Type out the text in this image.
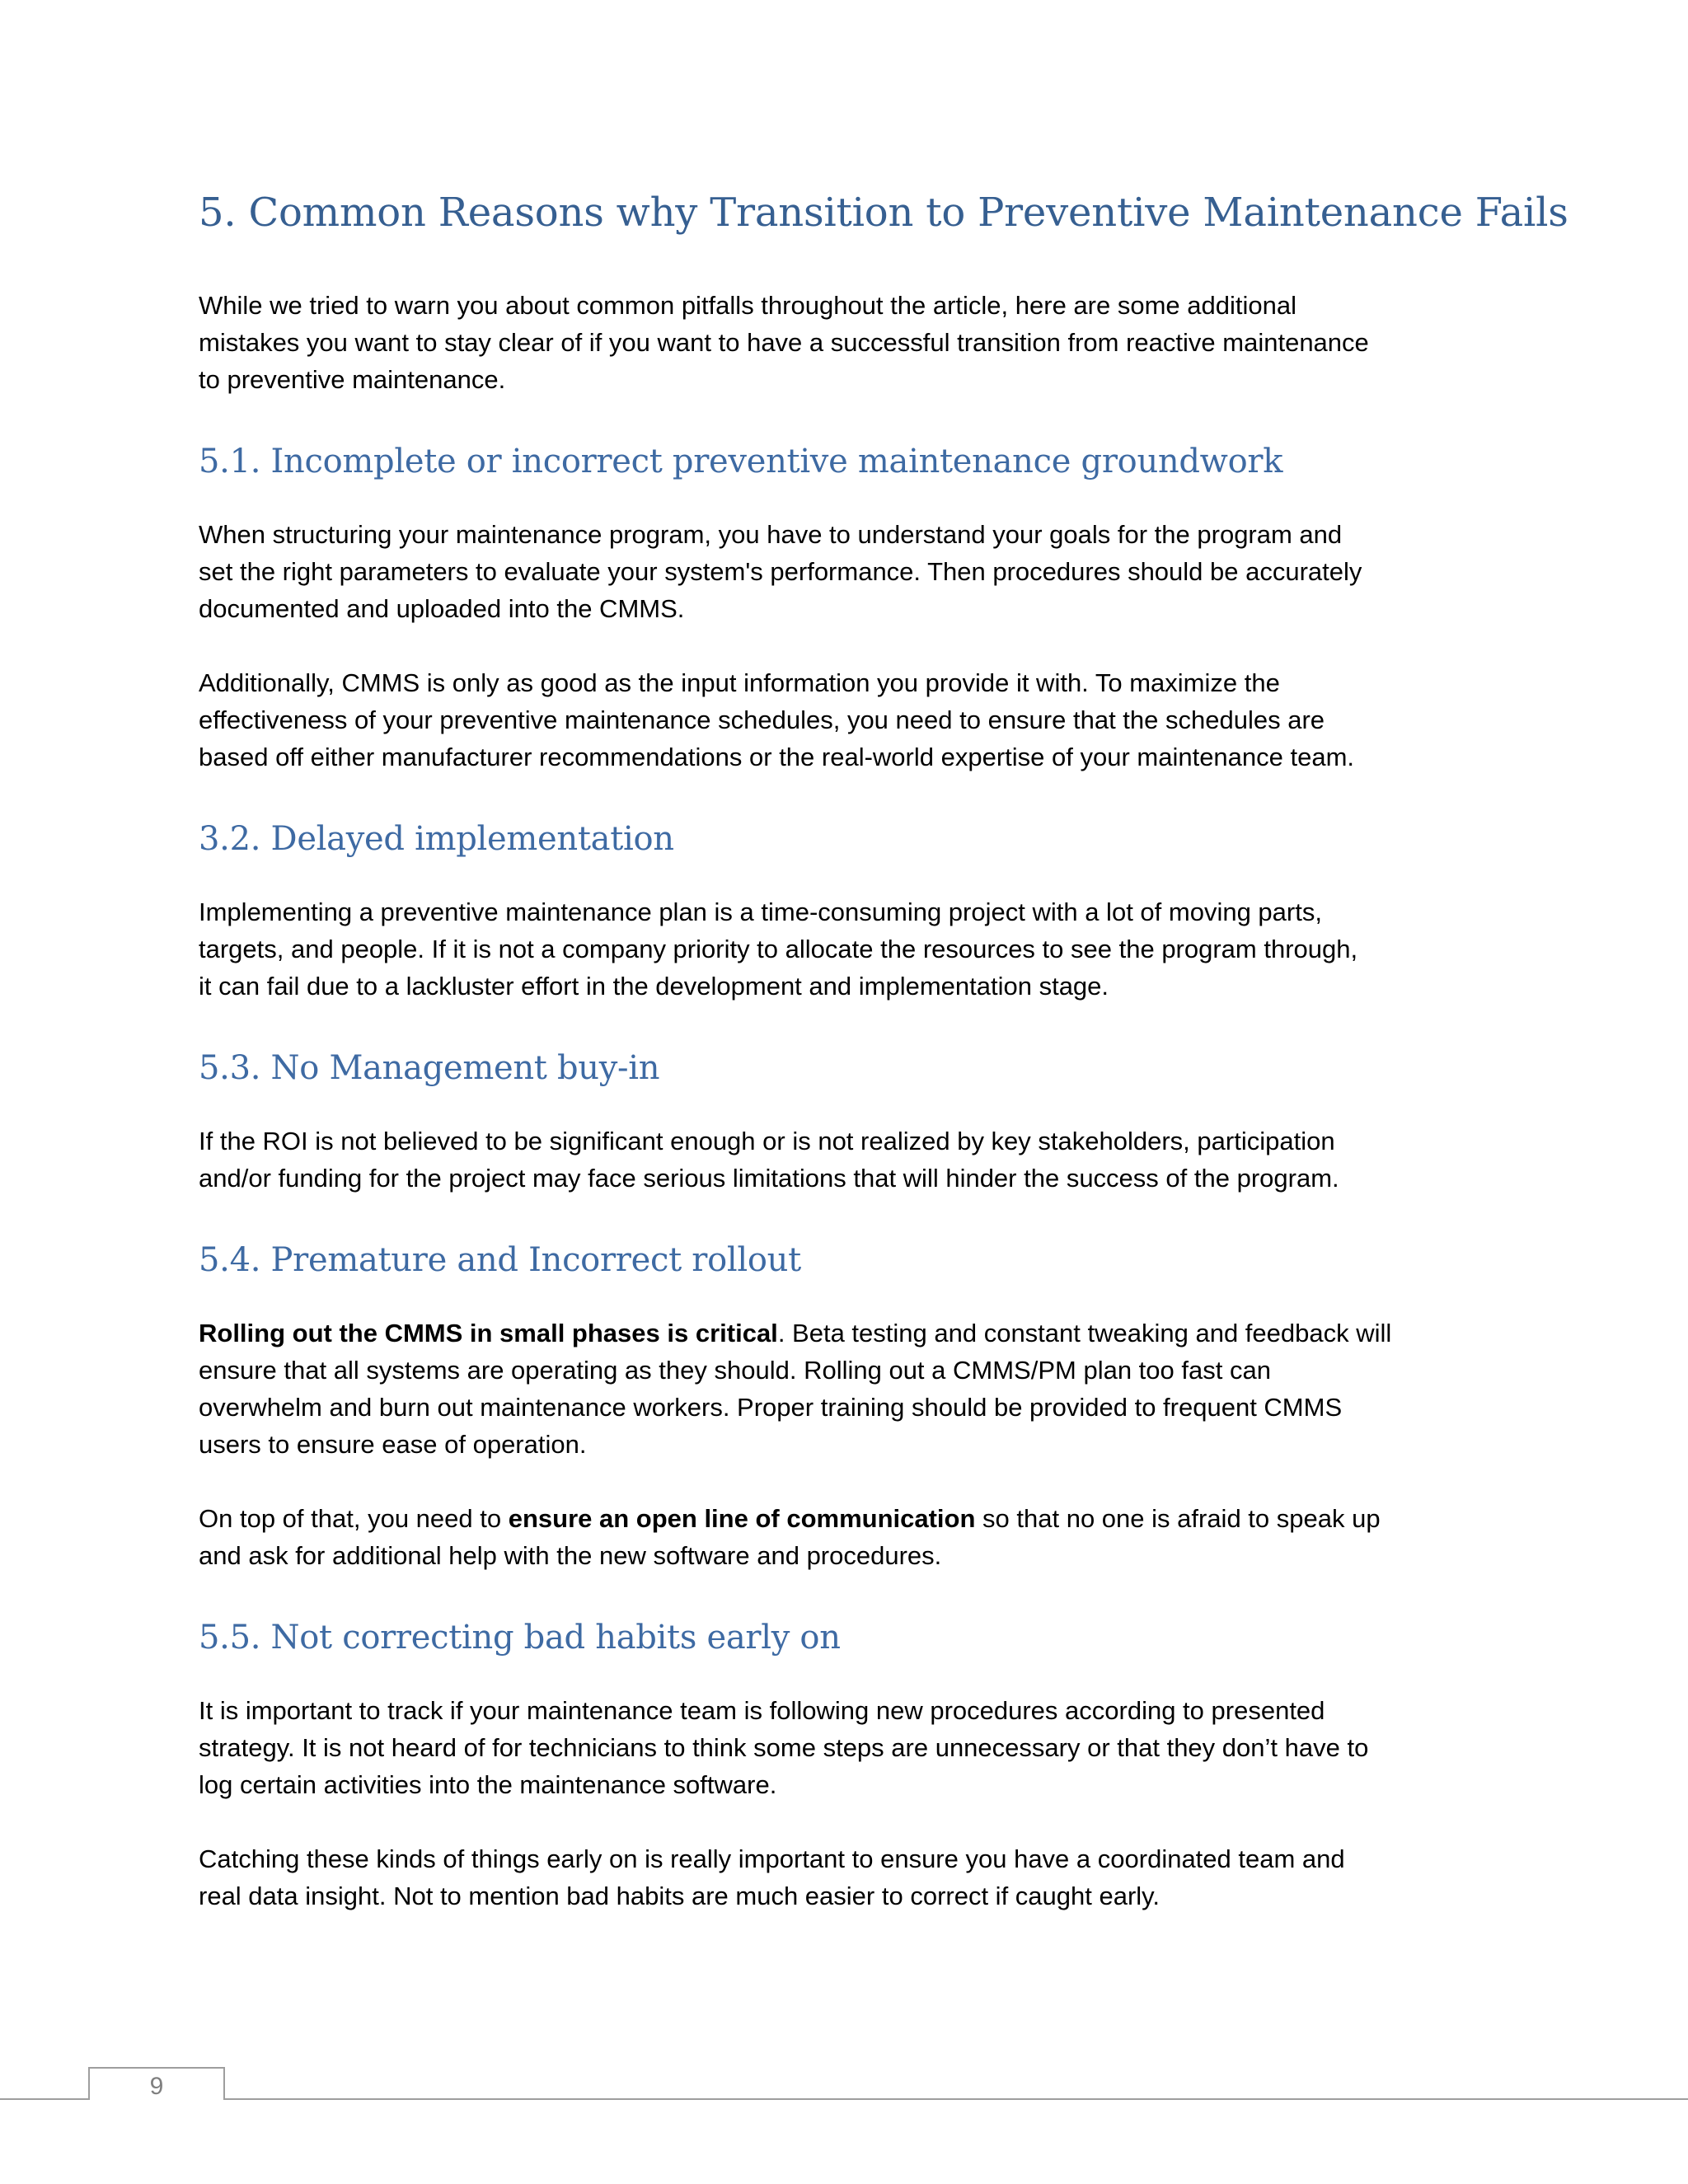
5. Common Reasons why Transition to Preventive Maintenance Fails

While we tried to warn you about common pitfalls throughout the article, here are some additional
mistakes you want to stay clear of if you want to have a successful transition from reactive maintenance
to preventive maintenance.

5.1. Incomplete or incorrect preventive maintenance groundwork

When structuring your maintenance program, you have to understand your goals for the program and
set the right parameters to evaluate your system's performance. Then procedures should be accurately
documented and uploaded into the CMMS.

Additionally, CMMS is only as good as the input information you provide it with. To maximize the
effectiveness of your preventive maintenance schedules, you need to ensure that the schedules are
based off either manufacturer recommendations or the real-world expertise of your maintenance team.

3.2. Delayed implementation

Implementing a preventive maintenance plan is a time-consuming project with a lot of moving parts,
targets, and people. If it is not a company priority to allocate the resources to see the program through,
it can fail due to a lackluster effort in the development and implementation stage.

5.3. No Management buy-in

If the ROI is not believed to be significant enough or is not realized by key stakeholders, participation
and/or funding for the project may face serious limitations that will hinder the success of the program.

5.4. Premature and Incorrect rollout

Rolling out the CMMS in small phases is critical. Beta testing and constant tweaking and feedback will
ensure that all systems are operating as they should. Rolling out a CMMS/PM plan too fast can
overwhelm and burn out maintenance workers. Proper training should be provided to frequent CMMS
users to ensure ease of operation.

On top of that, you need to ensure an open line of communication so that no one is afraid to speak up
and ask for additional help with the new software and procedures.

5.5. Not correcting bad habits early on

It is important to track if your maintenance team is following new procedures according to presented
strategy. It is not heard of for technicians to think some steps are unnecessary or that they don’t have to
log certain activities into the maintenance software.

Catching these kinds of things early on is really important to ensure you have a coordinated team and
real data insight. Not to mention bad habits are much easier to correct if caught early.

9
